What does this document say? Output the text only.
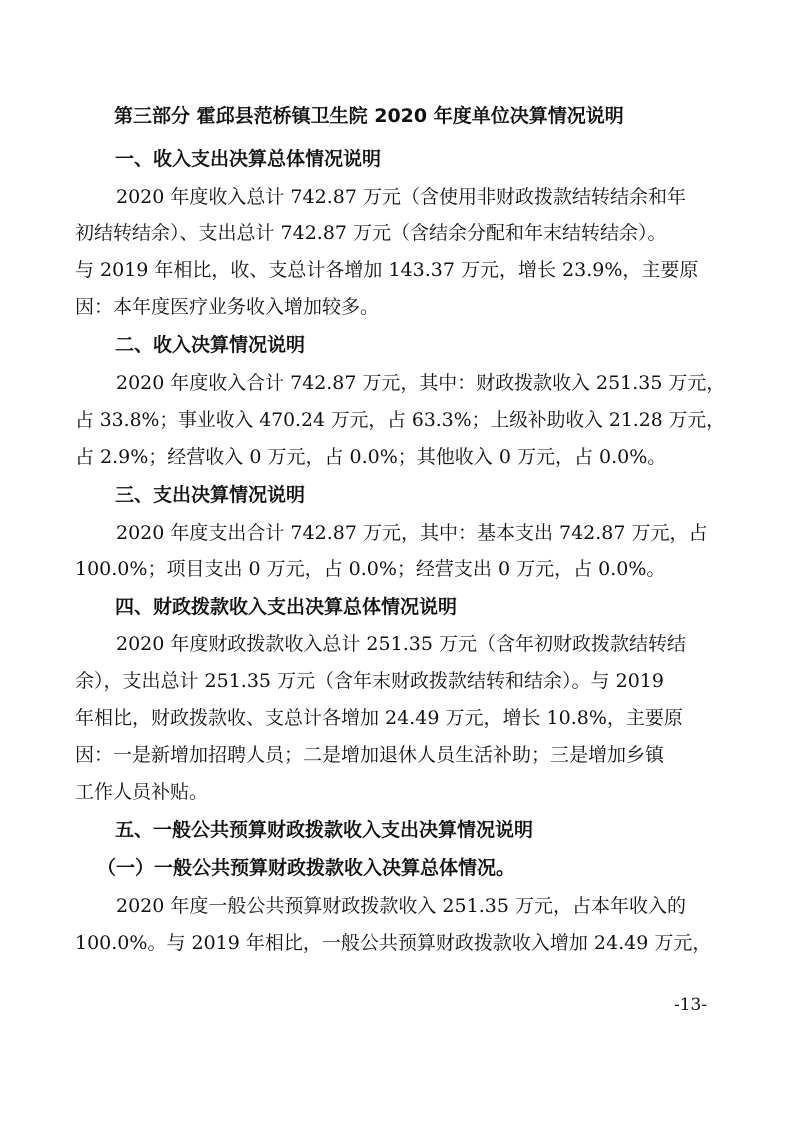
第三部分 霍邱县范桥镇卫生院 2020 年度单位决算情况说明
一、收入支出决算总体情况说明
2020 年度收入总计 742.87 万元（含使用非财政拨款结转结余和年
初结转结余）、支出总计 742.87 万元（含结余分配和年末结转结余）。
与 2019 年相比，收、支总计各增加 143.37 万元，增长 23.9%，主要原
因：本年度医疗业务收入增加较多。
二、收入决算情况说明
2020 年度收入合计 742.87 万元，其中：财政拨款收入 251.35 万元，
占 33.8%；事业收入 470.24 万元，占 63.3%；上级补助收入 21.28 万元，
占 2.9%；经营收入 0 万元，占 0.0%；其他收入 0 万元，占 0.0%。
三、支出决算情况说明
2020 年度支出合计 742.87 万元，其中：基本支出 742.87 万元，占
100.0%；项目支出 0 万元，占 0.0%；经营支出 0 万元，占 0.0%。
四、财政拨款收入支出决算总体情况说明
2020 年度财政拨款收入总计 251.35 万元（含年初财政拨款结转结
余），支出总计 251.35 万元（含年末财政拨款结转和结余）。与 2019
年相比，财政拨款收、支总计各增加 24.49 万元，增长 10.8%，主要原
因：一是新增加招聘人员；二是增加退休人员生活补助；三是增加乡镇
工作人员补贴。
五、一般公共预算财政拨款收入支出决算情况说明
（一）一般公共预算财政拨款收入决算总体情况。
2020 年度一般公共预算财政拨款收入 251.35 万元，占本年收入的
100.0%。与 2019 年相比，一般公共预算财政拨款收入增加 24.49 万元，
-13-
